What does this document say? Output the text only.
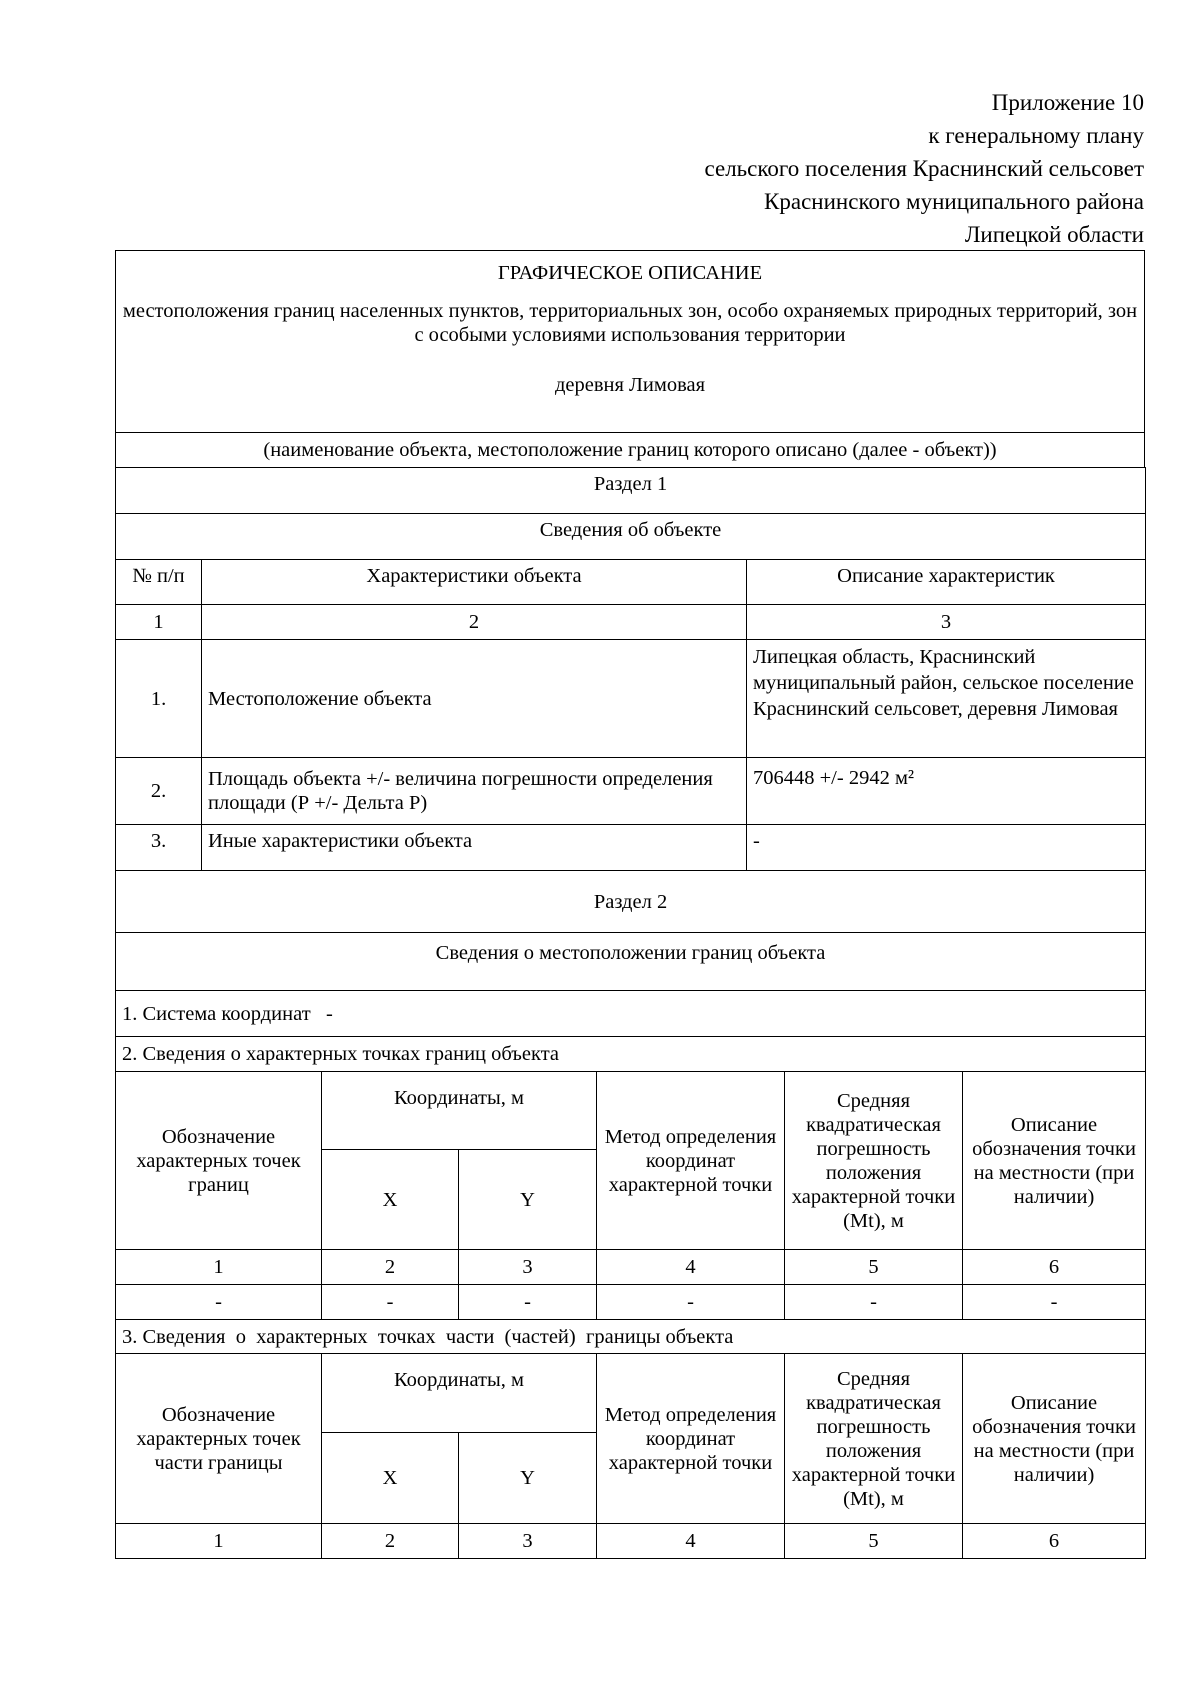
Приложение 10
к генеральному плану
сельского поселения Краснинский сельсовет
Краснинского муниципального района
Липецкой области
ГРАФИЧЕСКОЕ ОПИСАНИЕ
местоположения границ населенных пунктов, территориальных зон, особо охраняемых природных территорий, зон с особыми условиями использования территории
деревня Лимовая

(наименование объекта, местоположение границ которого описано (далее - объект))
Раздел 1		
Сведения об объекте		
№ п/п	Характеристики объекта	Описание характеристик
1	2	3
1.	Местоположение объекта	Липецкая область, Краснинский муниципальный район, сельское поселение Краснинский сельсовет, деревня Лимовая
2.	Площадь объекта +/- величина погрешности определения площади (Р +/- Дельта Р)	706448 +/- 2942 м²
3.	Иные характеристики объекта	-
Раздел 2					
Сведения о местоположении границ объекта					
1. Система координат   -					
2. Сведения о характерных точках границ объекта					
Обозначение характерных точек границ	Координаты, м		Метод определения координат характерной точки	Средняя квадратическая погрешность положения характерной точки (Mt), м	Описание обозначения точки на местности (при наличии)
	X	Y			
1	2	3	4	5	6
-	-	-	-	-	-
3. Сведения  о  характерных  точках  части  (частей)  границы объекта					
Обозначение характерных точек части границы	Координаты, м		Метод определения координат характерной точки	Средняя квадратическая погрешность положения характерной точки (Mt), м	Описание обозначения точки на местности (при наличии)
	X	Y			
1	2	3	4	5	6
